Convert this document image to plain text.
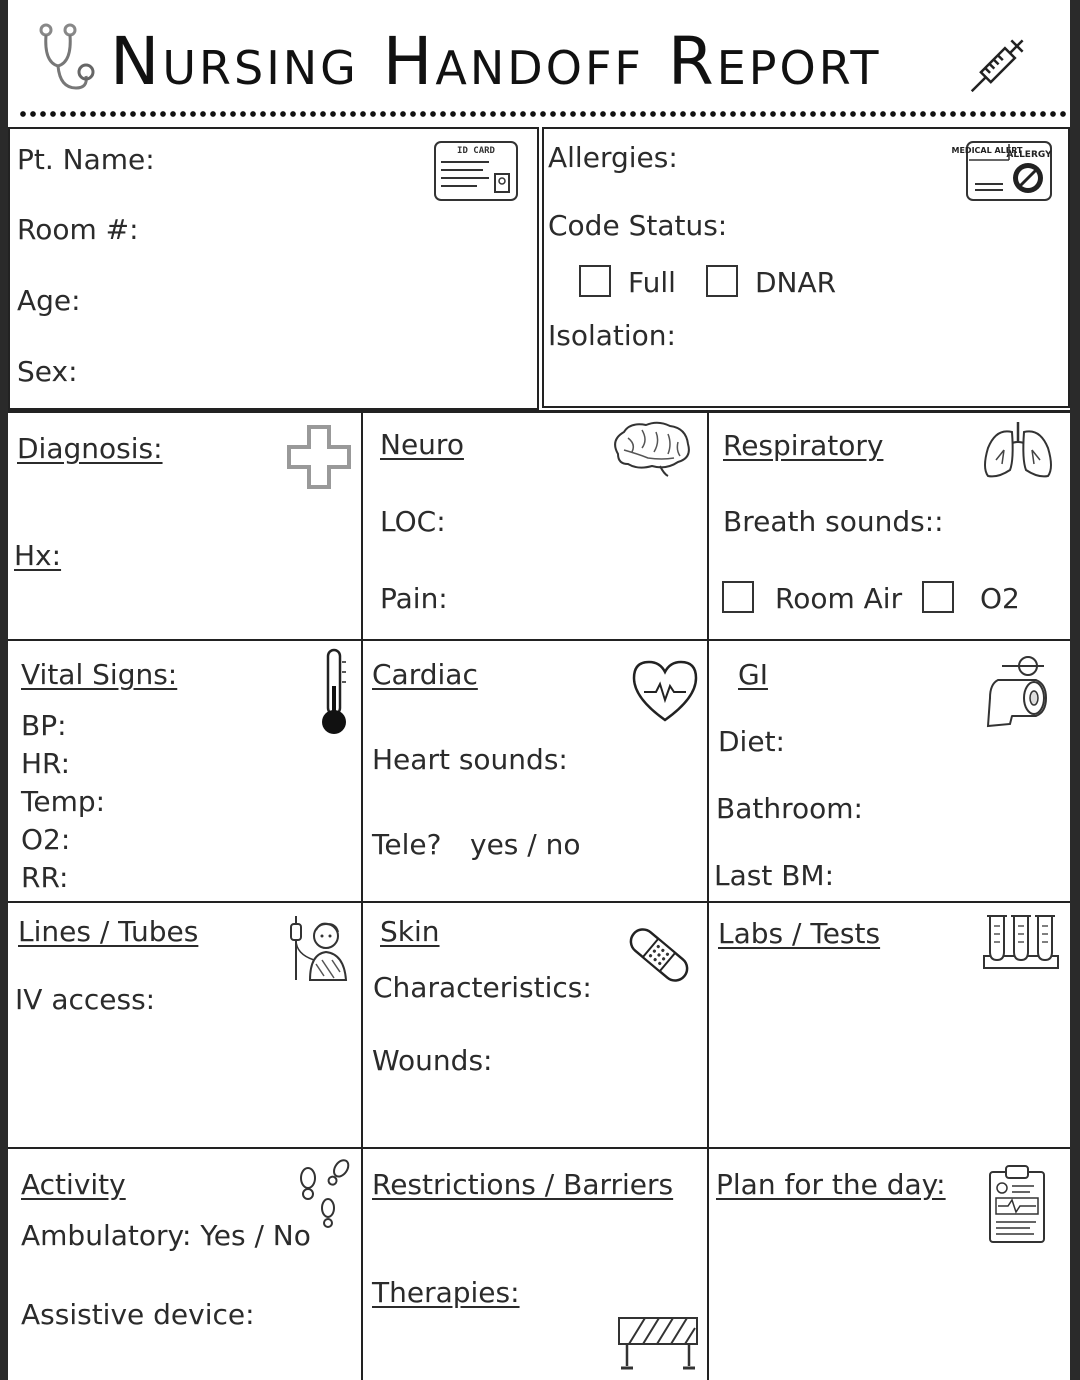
Nursing Handoff Report
Pt. Name:
Room #:
Age:
Sex:
ID CARD Allergies:
Code Status:
Full	DNAR
Isolation:
MEDICAL ALERT
ALLERGY
Diagnosis:
Hx:
Neuro
LOC:
Pain:
Respiratory
Breath sounds::
Room Air	O2
Vital Signs:
BP:
HR:
Temp:
O2:
RR:
Cardiac
Heart sounds:
Tele? yes / no
GI
Diet:
Bathroom:
Last BM:
Lines / Tubes
IV access:
Skin
Characteristics:
Wounds:
Labs / Tests
Activity
Ambulatory: Yes / No
Assistive device:
Restrictions / Barriers
Therapies:
Plan for the day:
